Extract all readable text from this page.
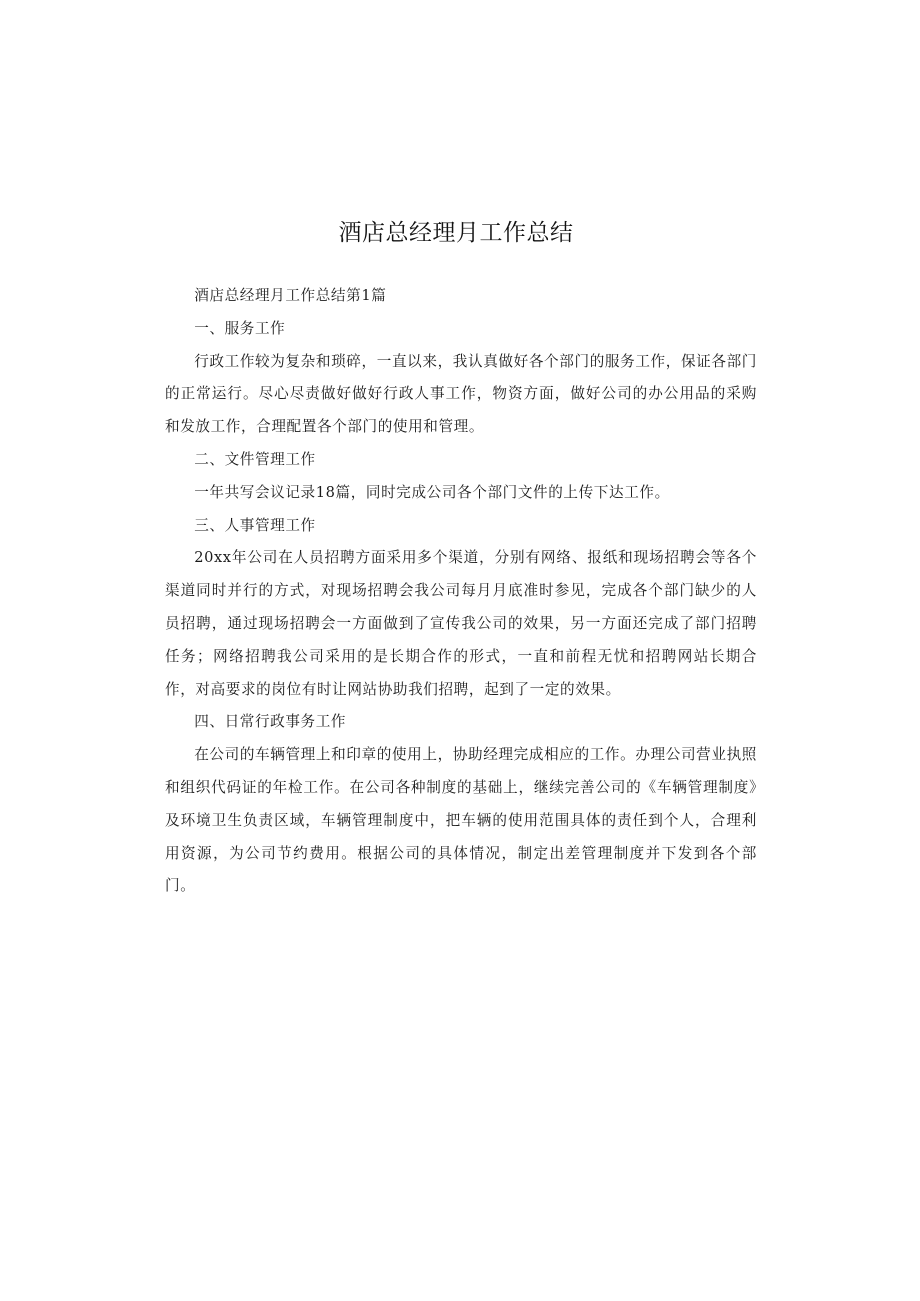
酒店总经理月工作总结

酒店总经理月工作总结第1篇

一、服务工作

行政工作较为复杂和琐碎，一直以来，我认真做好各个部门的服务工作，保证各部门的正常运行。尽心尽责做好做好行政人事工作，物资方面，做好公司的办公用品的采购和发放工作，合理配置各个部门的使用和管理。

二、文件管理工作

一年共写会议记录18篇，同时完成公司各个部门文件的上传下达工作。

三、人事管理工作

20xx年公司在人员招聘方面采用多个渠道，分别有网络、报纸和现场招聘会等各个渠道同时并行的方式，对现场招聘会我公司每月月底准时参见，完成各个部门缺少的人员招聘，通过现场招聘会一方面做到了宣传我公司的效果，另一方面还完成了部门招聘任务；网络招聘我公司采用的是长期合作的形式，一直和前程无忧和招聘网站长期合作，对高要求的岗位有时让网站协助我们招聘，起到了一定的效果。

四、日常行政事务工作

在公司的车辆管理上和印章的使用上，协助经理完成相应的工作。办理公司营业执照和组织代码证的年检工作。在公司各种制度的基础上，继续完善公司的《车辆管理制度》及环境卫生负责区域，车辆管理制度中，把车辆的使用范围具体的责任到个人，合理利用资源，为公司节约费用。根据公司的具体情况，制定出差管理制度并下发到各个部门。
